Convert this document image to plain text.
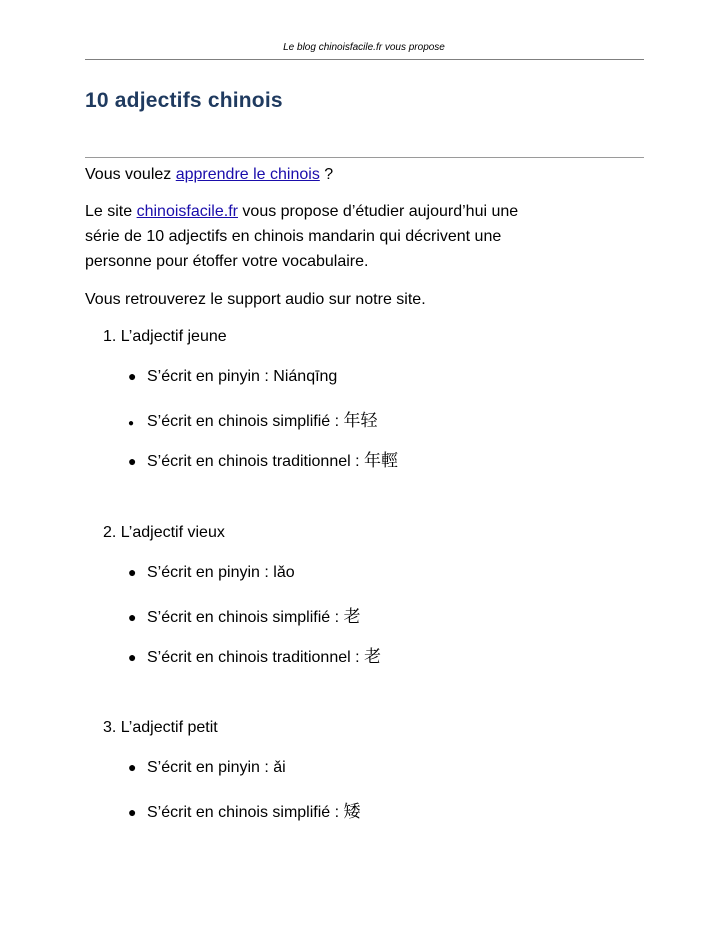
Le blog chinoisfacile.fr vous propose
10 adjectifs chinois
Vous voulez apprendre le chinois ?
Le site chinoisfacile.fr vous propose d’étudier aujourd’hui une
série de 10 adjectifs en chinois mandarin qui décrivent une
personne pour étoffer votre vocabulaire.
Vous retrouverez le support audio sur notre site.
1. L’adjectif jeune
● S’écrit en pinyin : Niánqīng
● S’écrit en chinois simplifié : 年轻
● S’écrit en chinois traditionnel : 年輕
2. L’adjectif vieux
● S’écrit en pinyin : lǎo
● S’écrit en chinois simplifié : 老
● S’écrit en chinois traditionnel : 老
3. L’adjectif petit
● S’écrit en pinyin : ǎi
● S’écrit en chinois simplifié : 矮
